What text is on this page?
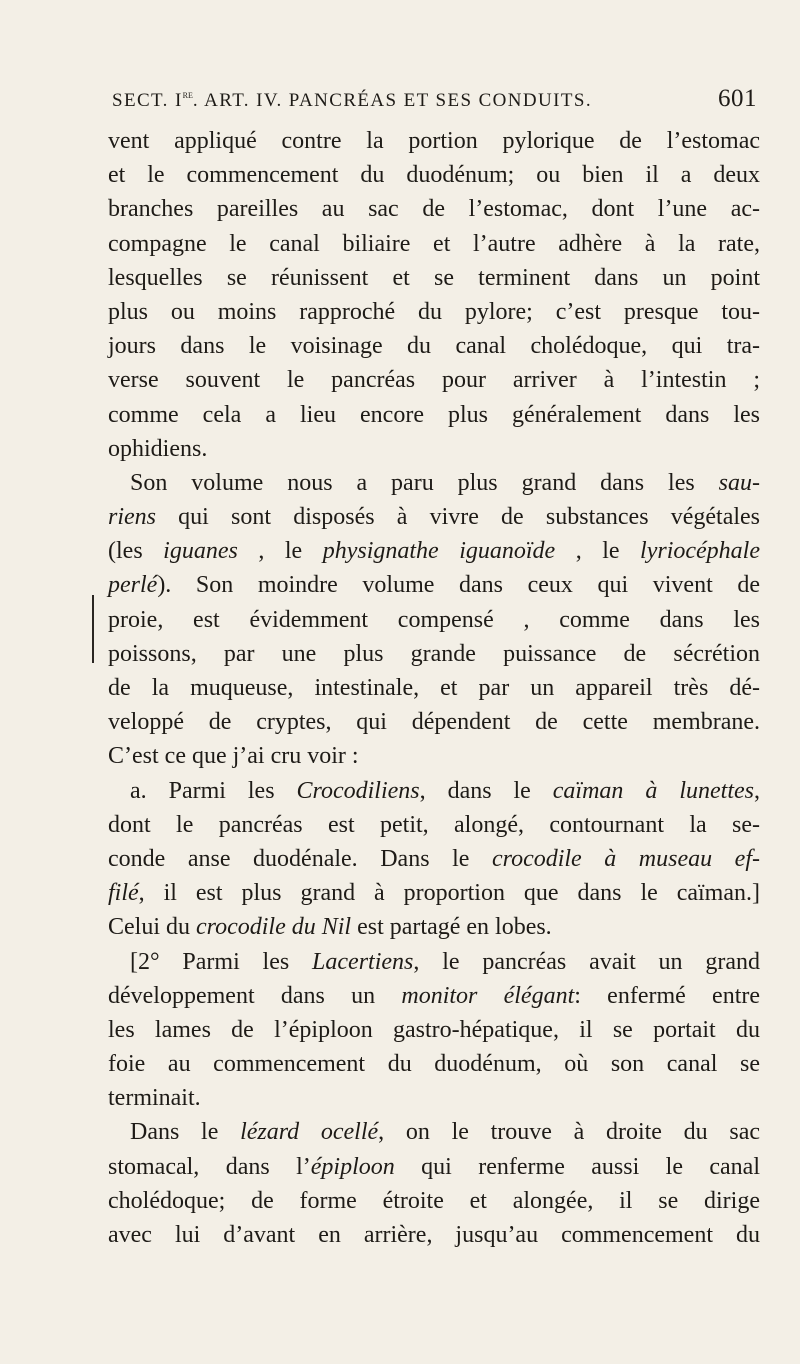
SECT. Ire. ART. IV. PANCRÉAS ET SES CONDUITS.	601
vent appliqué contre la portion pylorique de l’estomac
et le commencement du duodénum; ou bien il a deux
branches pareilles au sac de l’estomac, dont l’une ac-
compagne le canal biliaire et l’autre adhère à la rate,
lesquelles se réunissent et se terminent dans un point
plus ou moins rapproché du pylore; c’est presque tou-
jours dans le voisinage du canal cholédoque, qui tra-
verse souvent le pancréas pour arriver à l’intestin ;
comme cela a lieu encore plus généralement dans les
ophidiens.
Son volume nous a paru plus grand dans les sau-
riens qui sont disposés à vivre de substances végétales
(les iguanes , le physignathe iguanoïde , le lyriocéphale
perlé). Son moindre volume dans ceux qui vivent de
proie, est évidemment compensé , comme dans les
poissons, par une plus grande puissance de sécrétion
de la muqueuse, intestinale, et par un appareil très dé-
veloppé de cryptes, qui dépendent de cette membrane.
C’est ce que j’ai cru voir :
a. Parmi les Crocodiliens, dans le caïman à lunettes,
dont le pancréas est petit, alongé, contournant la se-
conde anse duodénale. Dans le crocodile à museau ef-
filé, il est plus grand à proportion que dans le caïman.]
Celui du crocodile du Nil est partagé en lobes.
[2° Parmi les Lacertiens, le pancréas avait un grand
développement dans un monitor élégant: enfermé entre
les lames de l’épiploon gastro-hépatique, il se portait du
foie au commencement du duodénum, où son canal se
terminait.
Dans le lézard ocellé, on le trouve à droite du sac
stomacal, dans l’épiploon qui renferme aussi le canal
cholédoque; de forme étroite et alongée, il se dirige
avec lui d’avant en arrière, jusqu’au commencement du
